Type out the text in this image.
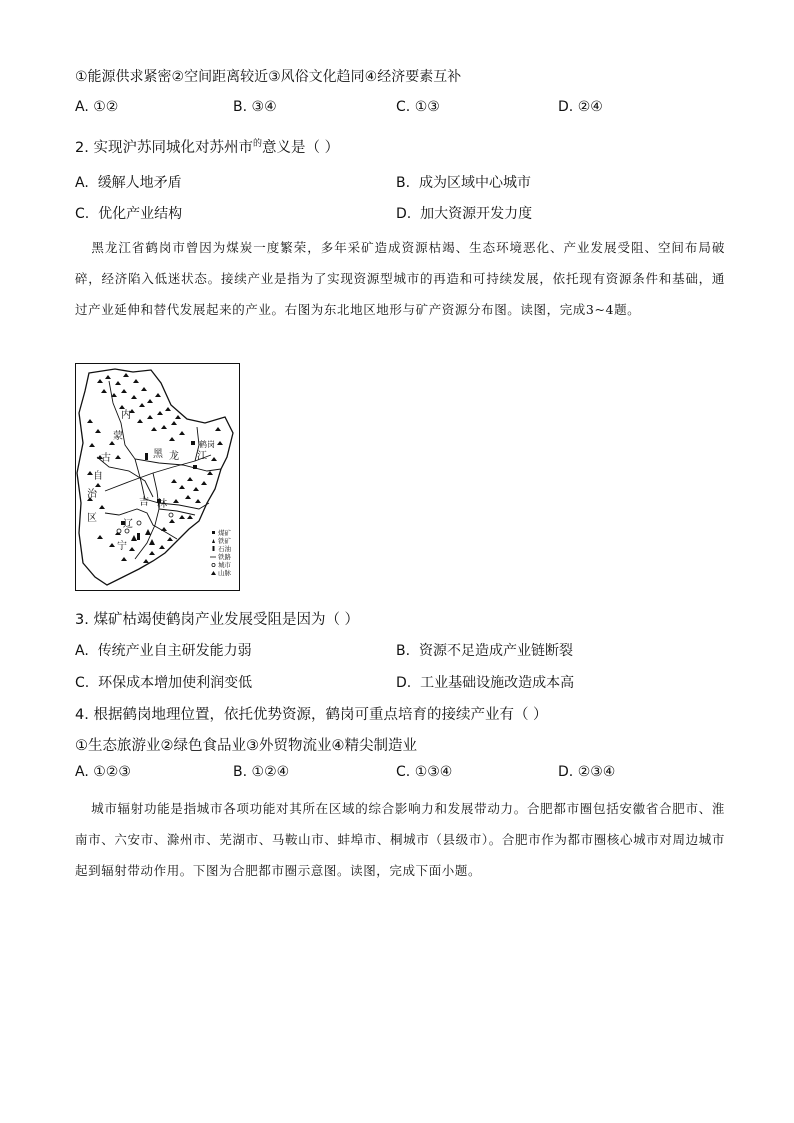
①能源供求紧密②空间距离较近③风俗文化趋同④经济要素互补
A. ①②	B. ③④	C. ①③	D. ②④
2. 实现沪苏同城化对苏州市$^的$意义是（ ）
A. 缓解人地矛盾	B. 成为区域中心城市
C. 优化产业结构	D. 加大资源开发力度
黑龙江省鹤岗市曾因为煤炭一度繁荣，多年采矿造成资源枯竭、生态环境恶化、产业发展受阻、空间布局破碎，经济陷入低迷状态。接续产业是指为了实现资源型城市的再造和可持续发展，依托现有资源条件和基础，通过产业延伸和替代发展起来的产业。右图为东北地区地形与矿产资源分布图。读图，完成3~4题。
内
蒙
古
自
治
区
黑 龙 江
鹤岗
吉 林
辽
宁
煤矿
铁矿
石油
铁路
城市
山脉
3. 煤矿枯竭使鹤岗产业发展受阻是因为（ ）
A. 传统产业自主研发能力弱	B. 资源不足造成产业链断裂
C. 环保成本增加使利润变低	D. 工业基础设施改造成本高
4. 根据鹤岗地理位置，依托优势资源，鹤岗可重点培育的接续产业有（ ）
①生态旅游业②绿色食品业③外贸物流业④精尖制造业
A. ①②③	B. ①②④	C. ①③④	D. ②③④
城市辐射功能是指城市各项功能对其所在区域的综合影响力和发展带动力。合肥都市圈包括安徽省合肥市、淮南市、六安市、滁州市、芜湖市、马鞍山市、蚌埠市、桐城市（县级市）。合肥市作为都市圈核心城市对周边城市起到辐射带动作用。下图为合肥都市圈示意图。读图，完成下面小题。
